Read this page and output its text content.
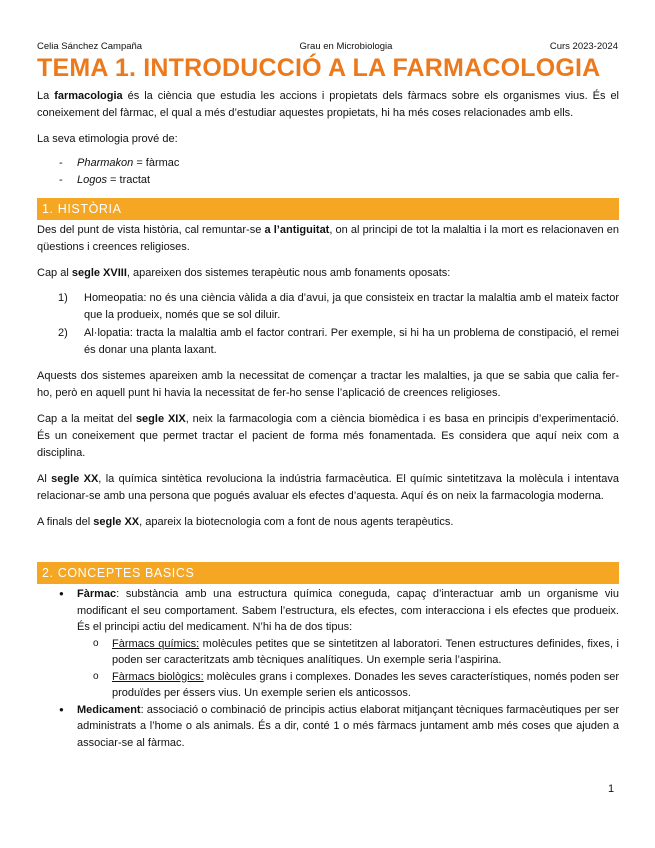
Celia Sánchez Campaña	Grau en Microbiologia	Curs 2023-2024
TEMA 1. INTRODUCCIÓ A LA FARMACOLOGIA

La farmacologia és la ciència que estudia les accions i propietats dels fàrmacs sobre els organismes vius. És el coneixement del fàrmac, el qual a més d’estudiar aquestes propietats, hi ha més coses relacionades amb ells.

La seva etimologia prové de:

- Pharmakon = fàrmac
- Logos = tractat
1. HISTÒRIA

Des del punt de vista història, cal remuntar-se a l’antiguitat, on al principi de tot la malaltia i la mort es relacionaven en qüestions i creences religioses.

Cap al segle XVIII, apareixen dos sistemes terapèutic nous amb fonaments oposats:

1) Homeopatia: no és una ciència vàlida a dia d’avui, ja que consisteix en tractar la malaltia amb el mateix factor que la produeix, només que se sol diluir.
2) Al·lopatia: tracta la malaltia amb el factor contrari. Per exemple, si hi ha un problema de constipació, el remei és donar una planta laxant.

Aquests dos sistemes apareixen amb la necessitat de començar a tractar les malalties, ja que se sabia que calia fer-ho, però en aquell punt hi havia la necessitat de fer-ho sense l’aplicació de creences religioses.

Cap a la meitat del segle XIX, neix la farmacologia com a ciència biomèdica i es basa en principis d’experimentació. És un coneixement que permet tractar el pacient de forma més fonamentada. Es considera que aquí neix com a disciplina.

Al segle XX, la química sintètica revoluciona la indústria farmacèutica. El químic sintetitzava la molècula i intentava relacionar-se amb una persona que pogués avaluar els efectes d’aquesta. Aquí és on neix la farmacologia moderna.

A finals del segle XX, apareix la biotecnologia com a font de nous agents terapèutics.

2. CONCEPTES BASICS
● Fàrmac: substància amb una estructura química coneguda, capaç d’interactuar amb un organisme viu modificant el seu comportament. Sabem l’estructura, els efectes, com interacciona i els efectes que produeix. És el principi actiu del medicament. N’hi ha de dos tipus:
o Fàrmacs químics: molècules petites que se sintetitzen al laboratori. Tenen estructures definides, fixes, i poden ser caracteritzats amb tècniques analítiques. Un exemple seria l’aspirina.
o Fàrmacs biològics: molècules grans i complexes. Donades les seves característiques, només poden ser produïdes per éssers vius. Un exemple serien els anticossos.
● Medicament: associació o combinació de principis actius elaborat mitjançant tècniques farmacèutiques per ser administrats a l’home o als animals. És a dir, conté 1 o més fàrmacs juntament amb més coses que ajuden a associar-se al fàrmac.
1
